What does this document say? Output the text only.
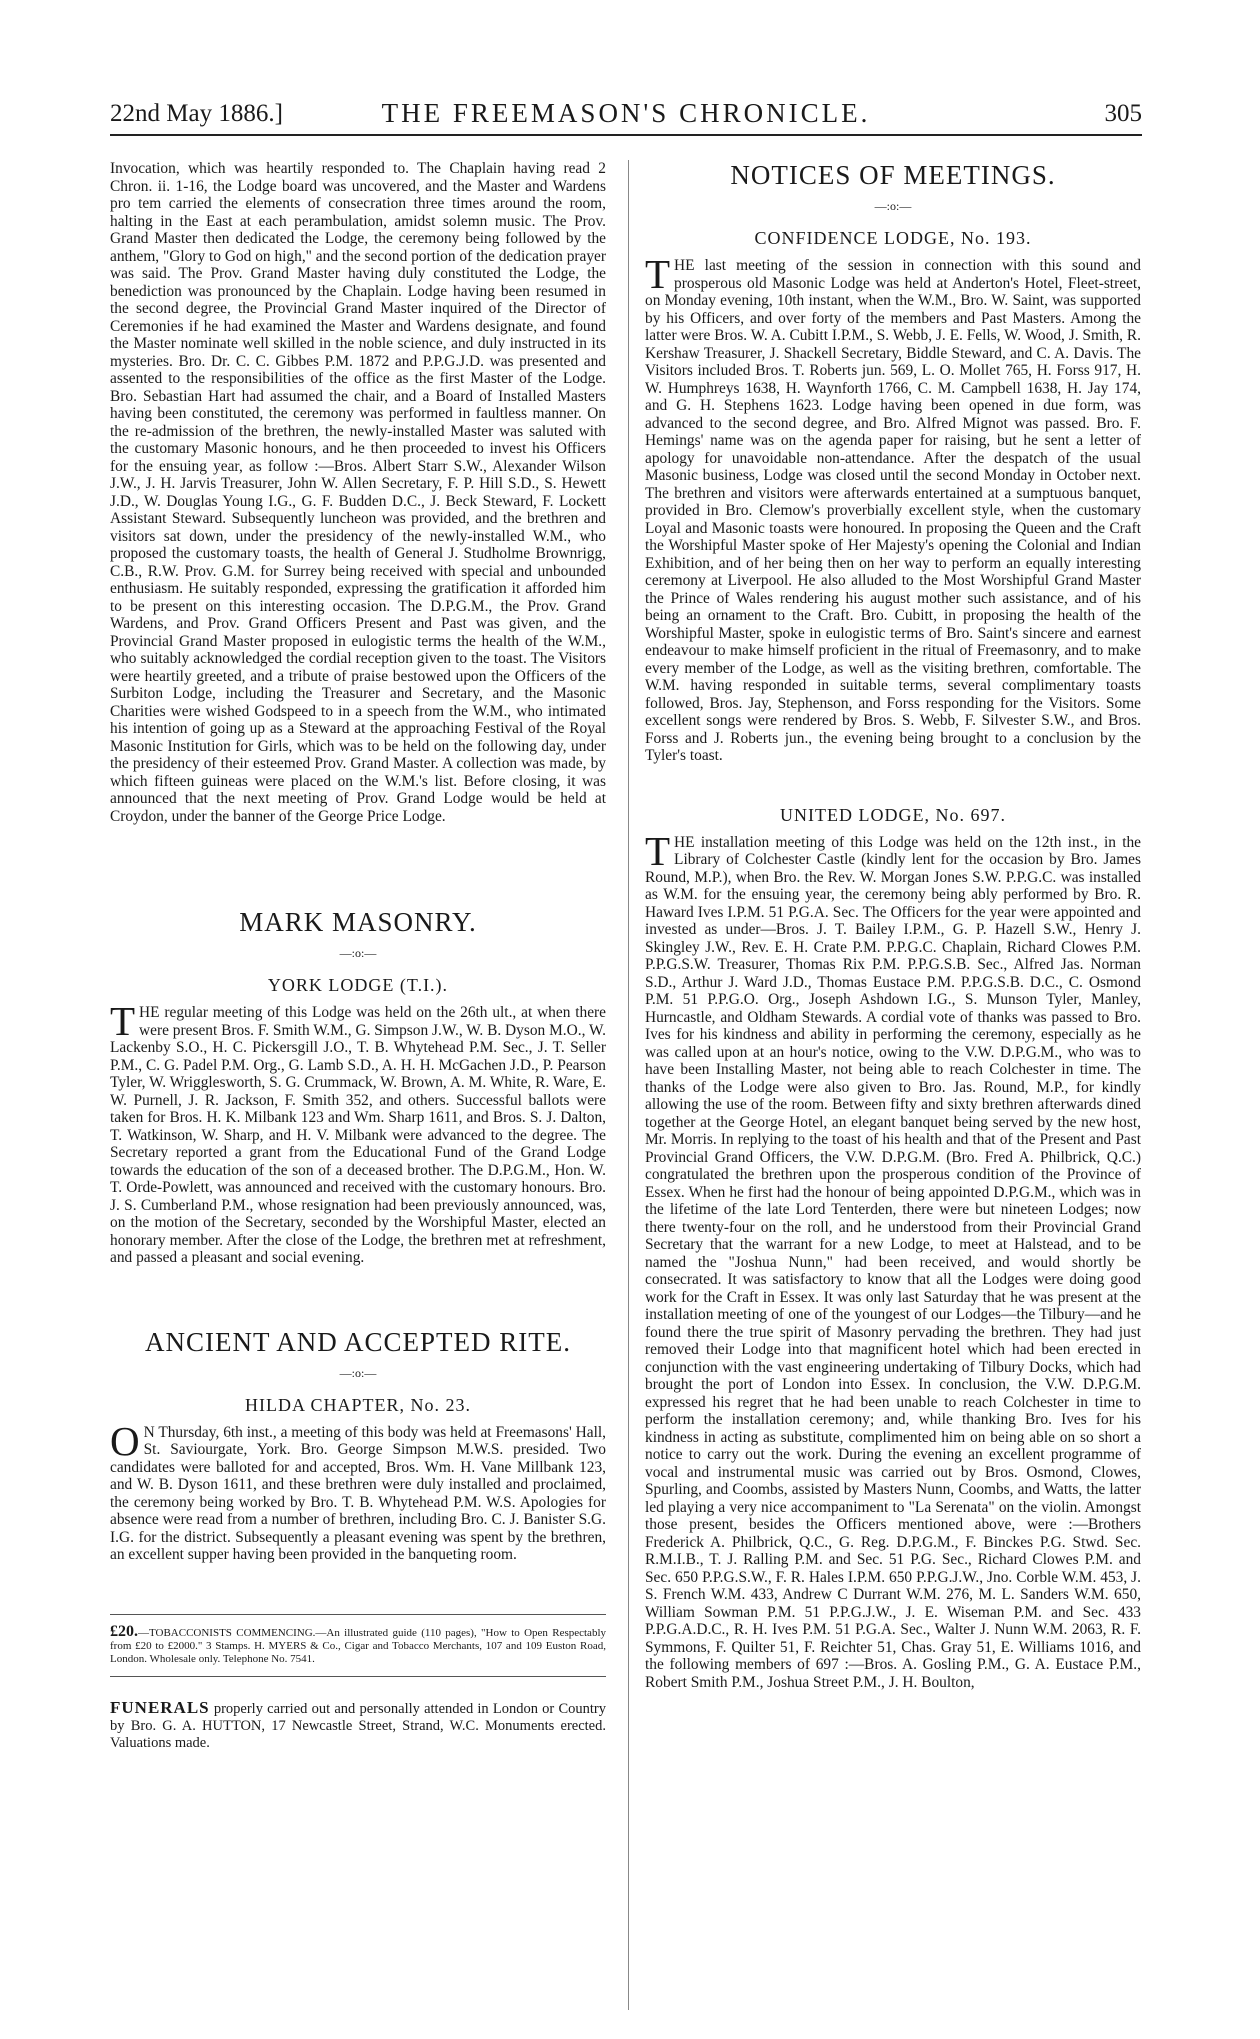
22nd May 1886.]	THE FREEMASON'S CHRONICLE.	305

Invocation, which was heartily responded to. The Chaplain having read 2 Chron. ii. 1-16, the Lodge board was uncovered, and the Master and Wardens pro tem carried the elements of consecration three times around the room, halting in the East at each perambulation, amidst solemn music. The Prov. Grand Master then dedicated the Lodge, the ceremony being followed by the anthem, "Glory to God on high," and the second portion of the dedication prayer was said. The Prov. Grand Master having duly constituted the Lodge, the benediction was pronounced by the Chaplain. Lodge having been resumed in the second degree, the Provincial Grand Master inquired of the Director of Ceremonies if he had examined the Master and Wardens designate, and found the Master nominate well skilled in the noble science, and duly instructed in its mysteries. Bro. Dr. C. C. Gibbes P.M. 1872 and P.P.G.J.D. was presented and assented to the responsibilities of the office as the first Master of the Lodge. Bro. Sebastian Hart had assumed the chair, and a Board of Installed Masters having been constituted, the ceremony was performed in faultless manner. On the re-admission of the brethren, the newly-installed Master was saluted with the customary Masonic honours, and he then proceeded to invest his Officers for the ensuing year, as follow :—Bros. Albert Starr S.W., Alexander Wilson J.W., J. H. Jarvis Treasurer, John W. Allen Secretary, F. P. Hill S.D., S. Hewett J.D., W. Douglas Young I.G., G. F. Budden D.C., J. Beck Steward, F. Lockett Assistant Steward. Subsequently luncheon was provided, and the brethren and visitors sat down, under the presidency of the newly-installed W.M., who proposed the customary toasts, the health of General J. Studholme Brownrigg, C.B., R.W. Prov. G.M. for Surrey being received with special and unbounded enthusiasm. He suitably responded, expressing the gratification it afforded him to be present on this interesting occasion. The D.P.G.M., the Prov. Grand Wardens, and Prov. Grand Officers Present and Past was given, and the Provincial Grand Master proposed in eulogistic terms the health of the W.M., who suitably acknowledged the cordial reception given to the toast. The Visitors were heartily greeted, and a tribute of praise bestowed upon the Officers of the Surbiton Lodge, including the Treasurer and Secretary, and the Masonic Charities were wished Godspeed to in a speech from the W.M., who intimated his intention of going up as a Steward at the approaching Festival of the Royal Masonic Institution for Girls, which was to be held on the following day, under the presidency of their esteemed Prov. Grand Master. A collection was made, by which fifteen guineas were placed on the W.M.'s list. Before closing, it was announced that the next meeting of Prov. Grand Lodge would be held at Croydon, under the banner of the George Price Lodge.

MARK MASONRY.
—:o:—
YORK LODGE (T.I.).

THE regular meeting of this Lodge was held on the 26th ult., at when there were present Bros. F. Smith W.M., G. Simpson J.W., W. B. Dyson M.O., W. Lackenby S.O., H. C. Pickersgill J.O., T. B. Whytehead P.M. Sec., J. T. Seller P.M., C. G. Padel P.M. Org., G. Lamb S.D., A. H. H. McGachen J.D., P. Pearson Tyler, W. Wrigglesworth, S. G. Crummack, W. Brown, A. M. White, R. Ware, E. W. Purnell, J. R. Jackson, F. Smith 352, and others. Successful ballots were taken for Bros. H. K. Milbank 123 and Wm. Sharp 1611, and Bros. S. J. Dalton, T. Watkinson, W. Sharp, and H. V. Milbank were advanced to the degree. The Secretary reported a grant from the Educational Fund of the Grand Lodge towards the education of the son of a deceased brother. The D.P.G.M., Hon. W. T. Orde-Powlett, was announced and received with the customary honours. Bro. J. S. Cumberland P.M., whose resignation had been previously announced, was, on the motion of the Secretary, seconded by the Worshipful Master, elected an honorary member. After the close of the Lodge, the brethren met at refreshment, and passed a pleasant and social evening.

ANCIENT AND ACCEPTED RITE.
—:o:—
HILDA CHAPTER, No. 23.

ON Thursday, 6th inst., a meeting of this body was held at Freemasons' Hall, St. Saviourgate, York. Bro. George Simpson M.W.S. presided. Two candidates were balloted for and accepted, Bros. Wm. H. Vane Millbank 123, and W. B. Dyson 1611, and these brethren were duly installed and proclaimed, the ceremony being worked by Bro. T. B. Whytehead P.M. W.S. Apologies for absence were read from a number of brethren, including Bro. C. J. Banister S.G. I.G. for the district. Subsequently a pleasant evening was spent by the brethren, an excellent supper having been provided in the banqueting room.

£20.—TOBACCONISTS COMMENCING.—An illustrated guide (110 pages), "How to Open Respectably from £20 to £2000." 3 Stamps. H. MYERS & Co., Cigar and Tobacco Merchants, 107 and 109 Euston Road, London. Wholesale only. Telephone No. 7541.

FUNERALS properly carried out and personally attended in London or Country by Bro. G. A. HUTTON, 17 Newcastle Street, Strand, W.C. Monuments erected. Valuations made.

NOTICES OF MEETINGS.
—:o:—
CONFIDENCE LODGE, No. 193.

THE last meeting of the session in connection with this sound and prosperous old Masonic Lodge was held at Anderton's Hotel, Fleet-street, on Monday evening, 10th instant, when the W.M., Bro. W. Saint, was supported by his Officers, and over forty of the members and Past Masters. Among the latter were Bros. W. A. Cubitt I.P.M., S. Webb, J. E. Fells, W. Wood, J. Smith, R. Kershaw Treasurer, J. Shackell Secretary, Biddle Steward, and C. A. Davis. The Visitors included Bros. T. Roberts jun. 569, L. O. Mollet 765, H. Forss 917, H. W. Humphreys 1638, H. Waynforth 1766, C. M. Campbell 1638, H. Jay 174, and G. H. Stephens 1623. Lodge having been opened in due form, was advanced to the second degree, and Bro. Alfred Mignot was passed. Bro. F. Hemings' name was on the agenda paper for raising, but he sent a letter of apology for unavoidable non-attendance. After the despatch of the usual Masonic business, Lodge was closed until the second Monday in October next. The brethren and visitors were afterwards entertained at a sumptuous banquet, provided in Bro. Clemow's proverbially excellent style, when the customary Loyal and Masonic toasts were honoured. In proposing the Queen and the Craft the Worshipful Master spoke of Her Majesty's opening the Colonial and Indian Exhibition, and of her being then on her way to perform an equally interesting ceremony at Liverpool. He also alluded to the Most Worshipful Grand Master the Prince of Wales rendering his august mother such assistance, and of his being an ornament to the Craft. Bro. Cubitt, in proposing the health of the Worshipful Master, spoke in eulogistic terms of Bro. Saint's sincere and earnest endeavour to make himself proficient in the ritual of Freemasonry, and to make every member of the Lodge, as well as the visiting brethren, comfortable. The W.M. having responded in suitable terms, several complimentary toasts followed, Bros. Jay, Stephenson, and Forss responding for the Visitors. Some excellent songs were rendered by Bros. S. Webb, F. Silvester S.W., and Bros. Forss and J. Roberts jun., the evening being brought to a conclusion by the Tyler's toast.

UNITED LODGE, No. 697.

THE installation meeting of this Lodge was held on the 12th inst., in the Library of Colchester Castle (kindly lent for the occasion by Bro. James Round, M.P.), when Bro. the Rev. W. Morgan Jones S.W. P.P.G.C. was installed as W.M. for the ensuing year, the ceremony being ably performed by Bro. R. Haward Ives I.P.M. 51 P.G.A. Sec. The Officers for the year were appointed and invested as under—Bros. J. T. Bailey I.P.M., G. P. Hazell S.W., Henry J. Skingley J.W., Rev. E. H. Crate P.M. P.P.G.C. Chaplain, Richard Clowes P.M. P.P.G.S.W. Treasurer, Thomas Rix P.M. P.P.G.S.B. Sec., Alfred Jas. Norman S.D., Arthur J. Ward J.D., Thomas Eustace P.M. P.P.G.S.B. D.C., C. Osmond P.M. 51 P.P.G.O. Org., Joseph Ashdown I.G., S. Munson Tyler, Manley, Hurncastle, and Oldham Stewards. A cordial vote of thanks was passed to Bro. Ives for his kindness and ability in performing the ceremony, especially as he was called upon at an hour's notice, owing to the V.W. D.P.G.M., who was to have been Installing Master, not being able to reach Colchester in time. The thanks of the Lodge were also given to Bro. Jas. Round, M.P., for kindly allowing the use of the room. Between fifty and sixty brethren afterwards dined together at the George Hotel, an elegant banquet being served by the new host, Mr. Morris. In replying to the toast of his health and that of the Present and Past Provincial Grand Officers, the V.W. D.P.G.M. (Bro. Fred A. Philbrick, Q.C.) congratulated the brethren upon the prosperous condition of the Province of Essex. When he first had the honour of being appointed D.P.G.M., which was in the lifetime of the late Lord Tenterden, there were but nineteen Lodges; now there twenty-four on the roll, and he understood from their Provincial Grand Secretary that the warrant for a new Lodge, to meet at Halstead, and to be named the "Joshua Nunn," had been received, and would shortly be consecrated. It was satisfactory to know that all the Lodges were doing good work for the Craft in Essex. It was only last Saturday that he was present at the installation meeting of one of the youngest of our Lodges—the Tilbury—and he found there the true spirit of Masonry pervading the brethren. They had just removed their Lodge into that magnificent hotel which had been erected in conjunction with the vast engineering undertaking of Tilbury Docks, which had brought the port of London into Essex. In conclusion, the V.W. D.P.G.M. expressed his regret that he had been unable to reach Colchester in time to perform the installation ceremony; and, while thanking Bro. Ives for his kindness in acting as substitute, complimented him on being able on so short a notice to carry out the work. During the evening an excellent programme of vocal and instrumental music was carried out by Bros. Osmond, Clowes, Spurling, and Coombs, assisted by Masters Nunn, Coombs, and Watts, the latter led playing a very nice accompaniment to "La Serenata" on the violin. Amongst those present, besides the Officers mentioned above, were :—Brothers Frederick A. Philbrick, Q.C., G. Reg. D.P.G.M., F. Binckes P.G. Stwd. Sec. R.M.I.B., T. J. Ralling P.M. and Sec. 51 P.G. Sec., Richard Clowes P.M. and Sec. 650 P.P.G.S.W., F. R. Hales I.P.M. 650 P.P.G.J.W., Jno. Corble W.M. 453, J. S. French W.M. 433, Andrew C Durrant W.M. 276, M. L. Sanders W.M. 650, William Sowman P.M. 51 P.P.G.J.W., J. E. Wiseman P.M. and Sec. 433 P.P.G.A.D.C., R. H. Ives P.M. 51 P.G.A. Sec., Walter J. Nunn W.M. 2063, R. F. Symmons, F. Quilter 51, F. Reichter 51, Chas. Gray 51, E. Williams 1016, and the following members of 697 :—Bros. A. Gosling P.M., G. A. Eustace P.M., Robert Smith P.M., Joshua Street P.M., J. H. Boulton,
